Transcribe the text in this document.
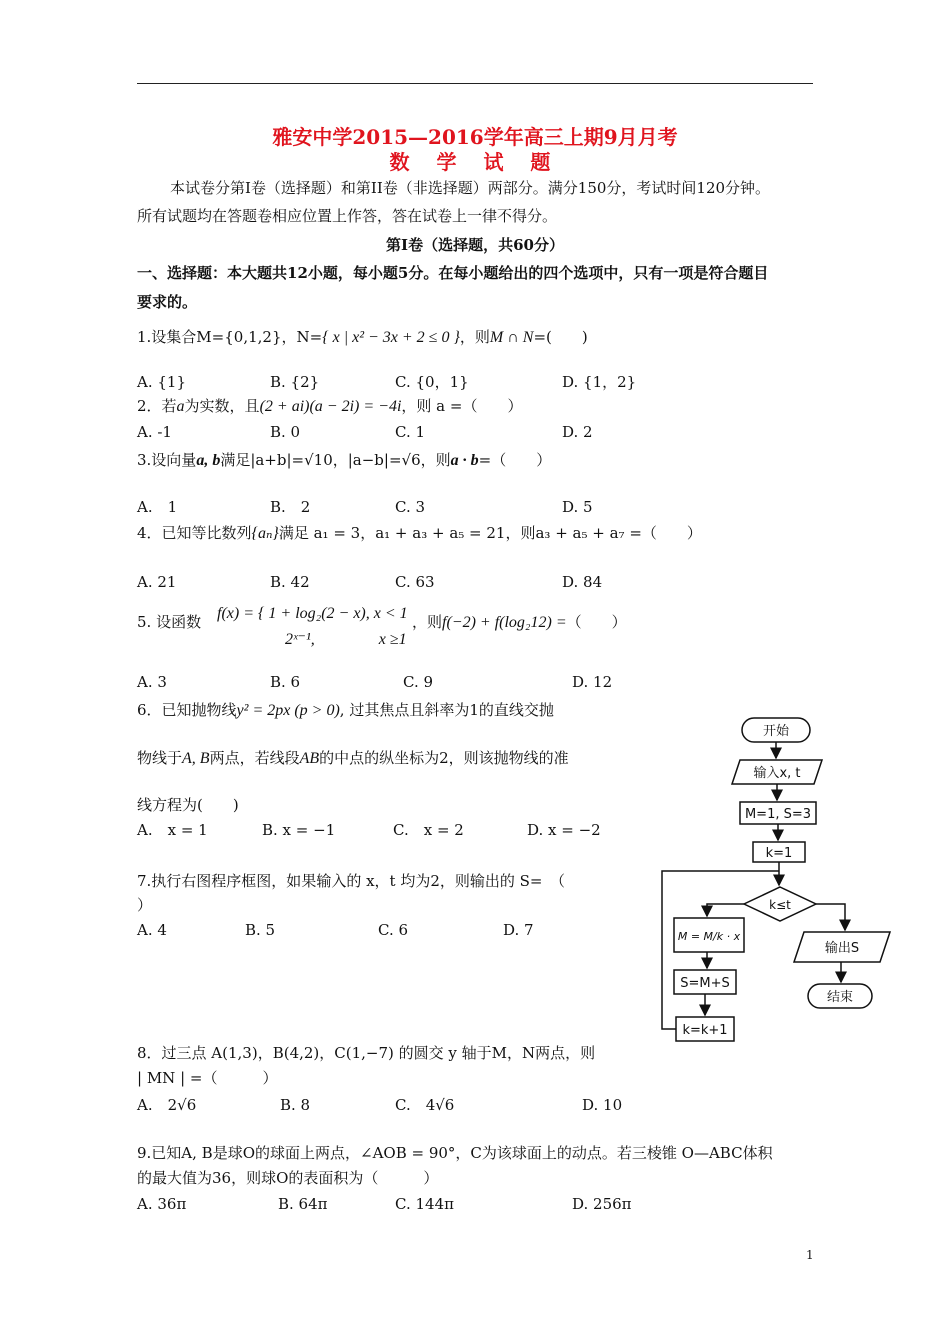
雅安中学2015—2016学年高三上期9月月考
数 学 试 题
本试卷分第Ⅰ卷（选择题）和第II卷（非选择题）两部分。满分150分，考试时间120分钟。
所有试题均在答题卷相应位置上作答，答在试卷上一律不得分。
第Ⅰ卷（选择题，共60分）
一、选择题：本大题共12小题，每小题5分。在每小题给出的四个选项中，只有一项是符合题目
要求的。
1.设集合M={0,1,2}，N={ x | x² − 3x + 2 ≤ 0 }，则M ∩ N=(　　)
A. {1}	B. {2}	C. {0，1}	D. {1，2}
2．若a为实数，且(2 + ai)(a − 2i) = −4i，则 a =（　　）
A. -1	B. 0	C. 1	D. 2
3.设向量a, b满足|a+b|=√10，|a−b|=√6，则a · b=（　　）
A.　1	B.　2	C. 3	D. 5
4．已知等比数列{aₙ}满足 a₁ = 3，a₁ + a₃ + a₅ = 21，则a₃ + a₅ + a₇ =（　　）
A. 21	B. 42	C. 63	D. 84
5. 设函数 f(x) = { 1 + log₂(2 − x), x < 1
2ˣ⁻¹,　　　　x ≥1
，则f(−2) + f(log₂12) =（　　）
A. 3	B. 6	C. 9	D. 12
6．已知抛物线y² = 2px (p > 0), 过其焦点且斜率为1的直线交抛
物线于A, B两点，若线段AB的中点的纵坐标为2，则该抛物线的准
线方程为(　　)
A.　x = 1	B. x = −1	C.　x = 2	D. x = −2
7.执行右图程序框图，如果输入的 x，t 均为2，则输出的 S=　（
）
A. 4	B. 5	C. 6	D. 7
8．过三点 A(1,3)，B(4,2)，C(1,−7) 的圆交 y 轴于M，N两点，则
| MN | =（　　　）
A.　2√6	B. 8	C.　4√6	D. 10
9.已知A, B是球O的球面上两点，∠AOB = 90°，C为该球面上的动点。若三棱锥 O—ABC体积
的最大值为36，则球O的表面积为（　　　）
A. 36π	B. 64π	C. 144π	D. 256π
开始
输入x, t
M=1, S=3
k=1
k≤t
M = M/k · x
S=M+S
k=k+1
输出S
结束
1
